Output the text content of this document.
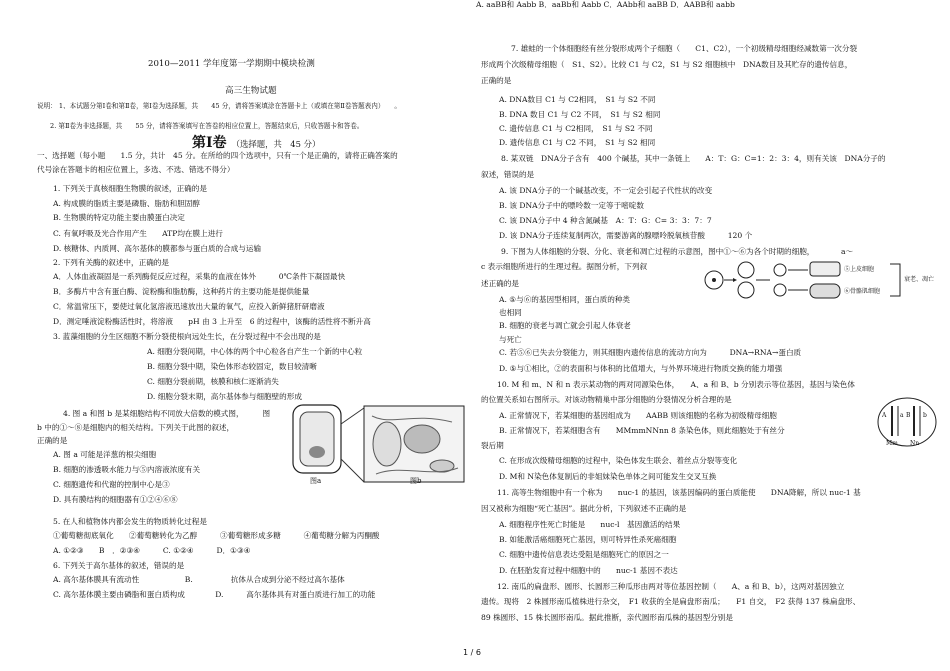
2010—2011 学年度第一学期期中模块检测
高三生物试题
说明： 1、本试题分第Ⅰ卷和第Ⅱ卷，第Ⅰ卷为选择题，共　　45 分，请将答案填涂在答题卡上（或填在第Ⅱ卷答题表内）　　。
2. 第Ⅱ卷为非选择题，共　　55 分，请将答案填写在答卷的相应位置上，答题结束后，只收答题卡和答卷。
第Ⅰ卷 （选择题，共　45 分）
一、选择题（每小题　　1.5 分，共计　45 分。在所给的四个选项中，只有一个是正确的，请将正确答案的
代号涂在答题卡的相应位置上，多选、不选、错选不得分）
1. 下列关于真核细胞生物膜的叙述，正确的是
A. 构成膜的脂质主要是磷脂、脂肪和胆固醇
B. 生物膜的特定功能主要由膜蛋白决定
C. 有氧呼吸及光合作用产生　　ATP均在膜上进行
D. 核糖体、内质网、高尔基体的膜都参与蛋白质的合成与运输
2. 下列有关酶的叙述中，正确的是
A．人体血液凝固是一系列酶促反应过程，采集的血液在体外　　　0℃条件下凝固最快
B．多酶片中含有蛋白酶、淀粉酶和脂肪酶，这种药片的主要功能是提供能量
C．常温常压下，要使过氧化氢溶液迅速放出大量的氧气，应投入新鲜猪肝研磨液
D．测定唾液淀粉酶活性时，将溶液　　pH 由 3 上升至　6 的过程中，该酶的活性将不断升高
3. 蓝藻细胞的分生区细胞不断分裂使根向远处生长，在分裂过程中不会出现的是
A. 细胞分裂间期，中心体的两个中心粒各自产生一个新的中心粒
B. 细胞分裂中期，染色体形态较固定，数目较清晰
C. 细胞分裂前期，核膜和核仁逐渐消失
D. 细胞分裂末期，高尔基体参与细胞壁的形成
4. 图 a 和图 b 是某细胞结构不同放大倍数的模式图，　　　图
b 中的①～⑧是细胞内的相关结构。下列关于此图的叙述，
正确的是
A. 图 a 可能是洋葱的根尖细胞
B. 细胞的渗透吸水能力与⑤内溶液浓度有关
C. 细胞遗传和代谢的控制中心是③
D. 具有膜结构的细胞器有①②④⑥⑧
5. 在人和植物体内都会发生的物质转化过程是
①葡萄糖彻底氧化　　②葡萄糖转化为乙醇　　　③葡萄糖形成多糖　　　④葡萄糖分解为丙酮酸
A. ①②③　　B　．②③④　　　C. ①②④　　　D．①③④
6. 下列关于高尔基体的叙述，错误的是
A. 高尔基体膜具有流动性　　　　　　B.　　　　　抗体从合成到分泌不经过高尔基体
C. 高尔基体膜主要由磷脂和蛋白质构成　　　　D.　　　高尔基体具有对蛋白质进行加工的功能
7. 雄蛙的一个体细胞经有丝分裂形成两个子细胞（　　C1、C2），一个初级精母细胞经减数第一次分裂
形成两个次级精母细胞（　S1、S2）。比较 C1 与 C2，S1 与 S2 细胞核中　DNA数目及其贮存的遗传信息，
正确的是
A. DNA数目 C1 与 C2相同，　S1 与 S2 不同
B. DNA 数目 C1 与 C2 不同，　S1 与 S2 相同
C. 遗传信息 C1 与 C2相同，　S1 与 S2 不同
D. 遗传信息 C1 与 C2 不同，　S1 与 S2 相同
8. 某双链　DNA分子含有　400 个碱基，其中一条链上　　A：T：G：C=1：2：3：4，则有关该　DNA分子的
叙述，错误的是
A. 该 DNA分子的一个碱基改变，不一定会引起子代性状的改变
B. 该 DNA分子中的嘌呤数一定等于嘧啶数
C. 该 DNA分子中 4 种含氮碱基　A：T：G：C= 3：3：7：7
D. 该 DNA分子连续复制两次，需要游离的腺嘌呤脱氧核苷酸　　　120 个
9. 下图为人体细胞的分裂、分化、衰老和凋亡过程的示意图，图中①～⑥为各个时期的细胞，　　　　a～
c 表示细胞所进行的生理过程。据图分析，下列叙
述正确的是
A. ⑤与⑥的基因型相同，蛋白质的种类
也相同
B. 细胞的衰老与凋亡就会引起人体衰老
与死亡
C. 若⑤⑥已失去分裂能力，则其细胞内遗传信息的流动方向为　　　DNA→RNA→蛋白质
D. ⑤与①相比，②的表面积与体积的比值增大，与外界环境进行物质交换的能力增强
10. M 和 m、N 和 n 表示某动物的两对同源染色体，　　A、a 和 B、b 分别表示等位基因，基因与染色体
的位置关系如右图所示。对该动物精巢中部分细胞的分裂情况分析合理的是
A. 正常情况下，若某细胞的基因组成为　　AABB 则该细胞的名称为初级精母细胞
B. 正常情况下，若某细胞含有　　MMmmNNnn 8 条染色体，则此细胞处于有丝分
裂后期
C. 在形成次级精母细胞的过程中，染色体发生联会、着丝点分裂等变化
D. M和 N染色体复制后的非姐妹染色单体之间可能发生交叉互换
11. 高等生物细胞中有一个称为　　nuc-1 的基因，该基因编码的蛋白质能使　　DNA降解，所以 nuc-1 基
因又被称为细胞“死亡基因”。据此分析，下列叙述不正确的是
A. 细胞程序性死亡时能是　　nuc-l　基因激活的结果
B. 如能激活癌细胞死亡基因，则可特异性杀死癌细胞
C. 细胞中遗传信息表达受阻是细胞死亡的原因之一
D. 在胚胎发育过程中细胞中的　　nuc-1 基因不表达
12. 南瓜的扁盘形、圆形、长圆形三种瓜形由两对等位基因控制（　　A、a 和 B、b），这两对基因独立
遗传。现将　2 株圆形南瓜植株进行杂交，　F1 收获的全是扁盘形南瓜；　　F1 自交，　F2 获得 137 株扁盘形、
89 株圆形、15 株长圆形南瓜。据此推断，亲代圆形南瓜株的基因型分别是
A. aaBB和 Aabb B．aaBb和 Aabb C．AAbb和 aaBB D．AABB和 aabb
图a	图b
⑤上皮细胞
⑥骨骼肌细胞
衰老、凋亡
A a B b
Mm Nn
1 / 6
